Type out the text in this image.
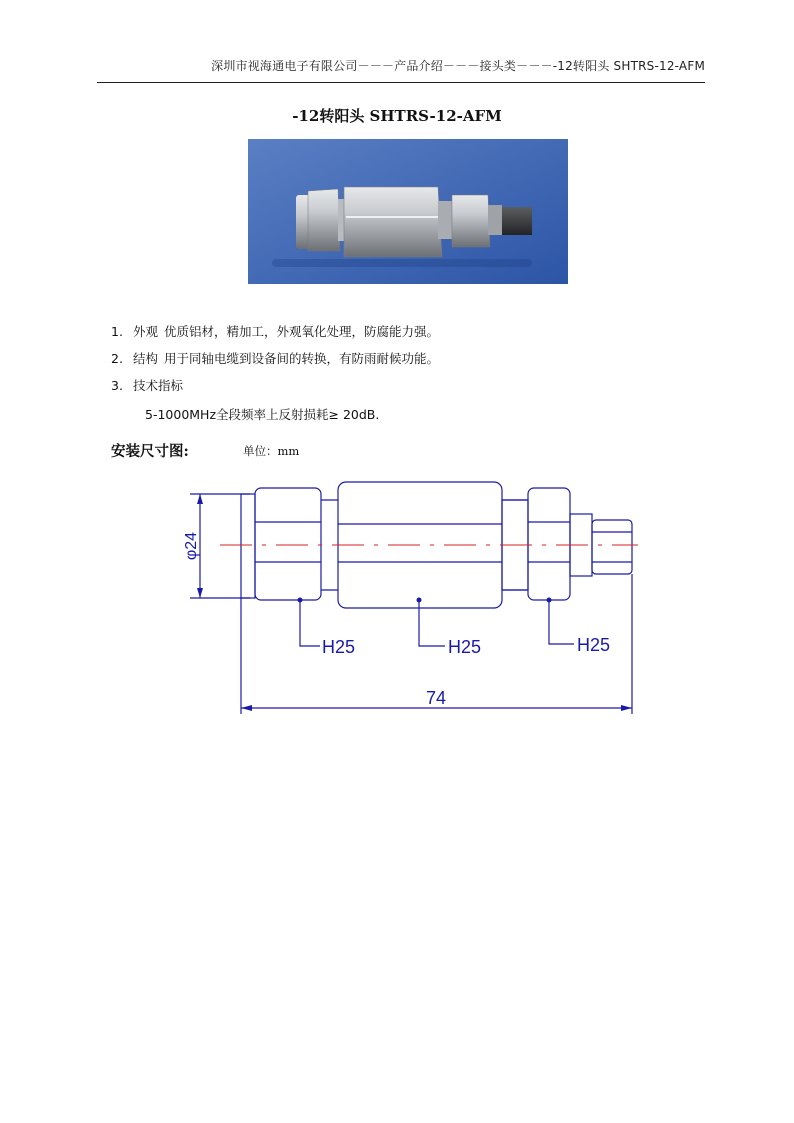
深圳市视海通电子有限公司－－－产品介绍－－－接头类－－－-12转阳头 SHTRS-12-AFM
-12转阳头 SHTRS-12-AFM
1. 外观 优质铝材，精加工，外观氧化处理，防腐能力强。
2. 结构 用于同轴电缆到设备间的转换，有防雨耐候功能。
3. 技术指标
5-1000MHz全段频率上反射损耗≥ 20dB.
安装尺寸图:	单位：mm
φ24
H25	H25	H25
74
